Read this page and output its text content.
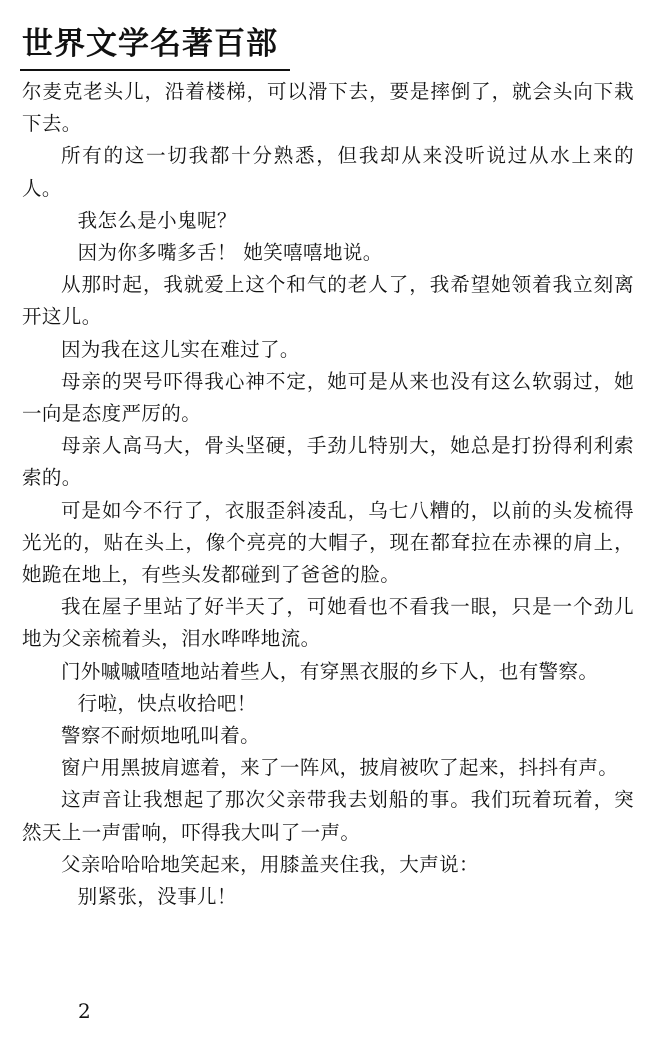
世界文学名著百部

尔麦克老头儿，沿着楼梯，可以滑下去，要是摔倒了，就会头向下栽下去。

所有的这一切我都十分熟悉，但我却从来没听说过从水上来的人。

我怎么是小鬼呢？

因为你多嘴多舌！ 她笑嘻嘻地说。

从那时起，我就爱上这个和气的老人了，我希望她领着我立刻离开这儿。

因为我在这儿实在难过了。

母亲的哭号吓得我心神不定，她可是从来也没有这么软弱过，她一向是态度严厉的。

母亲人高马大，骨头坚硬，手劲儿特别大，她总是打扮得利利索索的。

可是如今不行了，衣服歪斜凌乱，乌七八糟的，以前的头发梳得光光的，贴在头上，像个亮亮的大帽子，现在都耷拉在赤裸的肩上，她跪在地上，有些头发都碰到了爸爸的脸。

我在屋子里站了好半天了，可她看也不看我一眼，只是一个劲儿地为父亲梳着头，泪水哗哗地流。

门外嘁嘁喳喳地站着些人，有穿黑衣服的乡下人，也有警察。

行啦，快点收拾吧！

警察不耐烦地吼叫着。

窗户用黑披肩遮着，来了一阵风，披肩被吹了起来，抖抖有声。

这声音让我想起了那次父亲带我去划船的事。我们玩着玩着，突然天上一声雷响，吓得我大叫了一声。

父亲哈哈哈地笑起来，用膝盖夹住我，大声说：

别紧张，没事儿！

2
